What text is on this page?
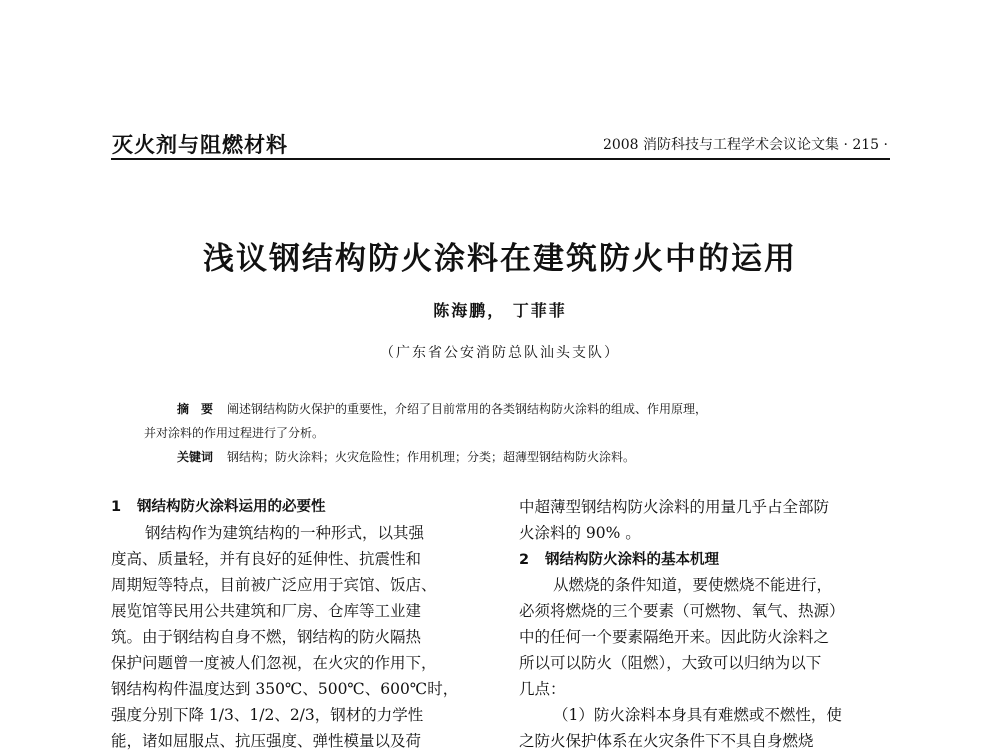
灭火剂与阻燃材料	2008 消防科技与工程学术会议论文集 · 215 ·
浅议钢结构防火涂料在建筑防火中的运用
陈海鹏， 丁菲菲
（广东省公安消防总队汕头支队）
摘　要 阐述钢结构防火保护的重要性，介绍了目前常用的各类钢结构防火涂料的组成、作用原理，
并对涂料的作用过程进行了分析。
关键词 钢结构；防火涂料；火灾危险性；作用机理；分类；超薄型钢结构防火涂料。
1 钢结构防火涂料运用的必要性
钢结构作为建筑结构的一种形式，以其强
度高、质量轻，并有良好的延伸性、抗震性和
周期短等特点，目前被广泛应用于宾馆、饭店、
展览馆等民用公共建筑和厂房、仓库等工业建
筑。由于钢结构自身不燃，钢结构的防火隔热
保护问题曾一度被人们忽视，在火灾的作用下，
钢结构构件温度达到 350℃、500℃、600℃时，
强度分别下降 1/3、1/2、2/3，钢材的力学性
能，诸如屈服点、抗压强度、弹性模量以及荷
中超薄型钢结构防火涂料的用量几乎占全部防
火涂料的 90% 。
2 钢结构防火涂料的基本机理
从燃烧的条件知道，要使燃烧不能进行，
必须将燃烧的三个要素（可燃物、氧气、热源）
中的任何一个要素隔绝开来。因此防火涂料之
所以可以防火（阻燃），大致可以归纳为以下
几点：
（1）防火涂料本身具有难燃或不燃性，使
之防火保护体系在火灾条件下不具自身燃烧
